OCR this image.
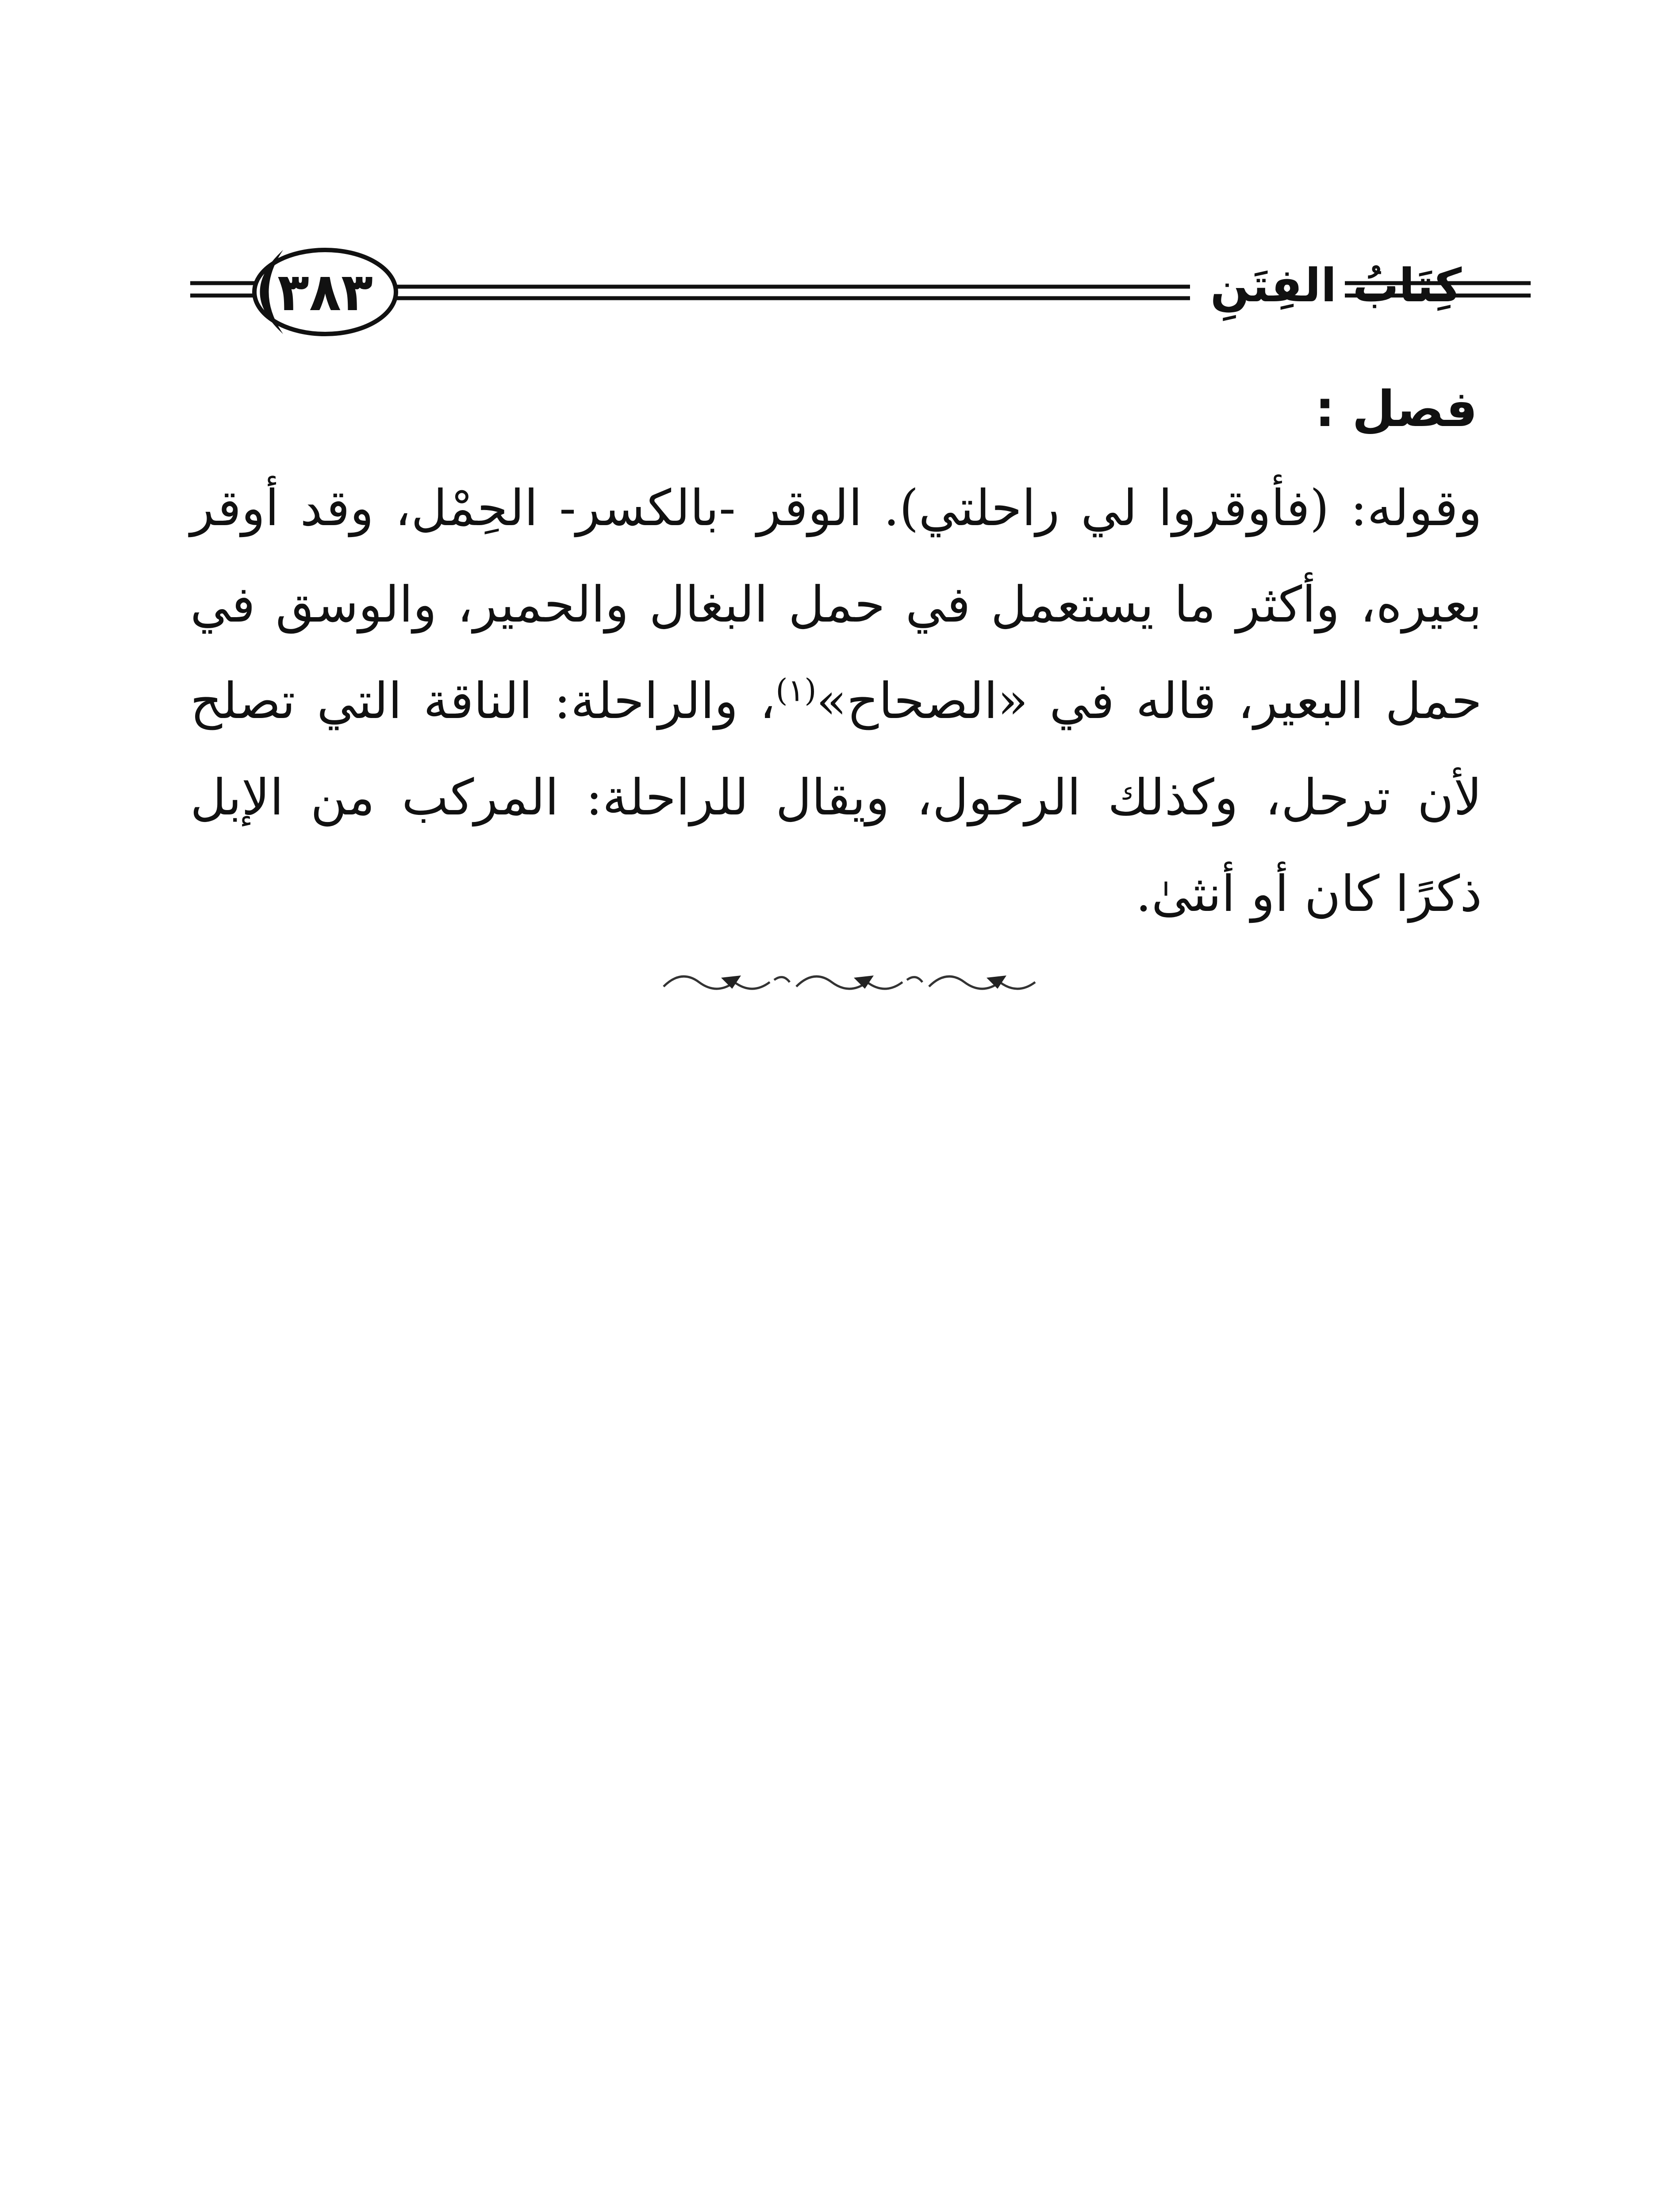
٣٨٣	كِتَابُ الفِتَنِ
فصل :
وقوله: (فأوقروا لي راحلتي). الوقر -بالكسر- الحِمْل، وقد أوقر بعيره، وأكثر ما يستعمل في حمل البغال والحمير، والوسق في حمل البعير، قاله في «الصحاح»$^{(١)}$، والراحلة: الناقة التي تصلح لأن ترحل، وكذلك الرحول، ويقال للراحلة: المركب من الإبل ذكرًا كان أو أنثىٰ.
